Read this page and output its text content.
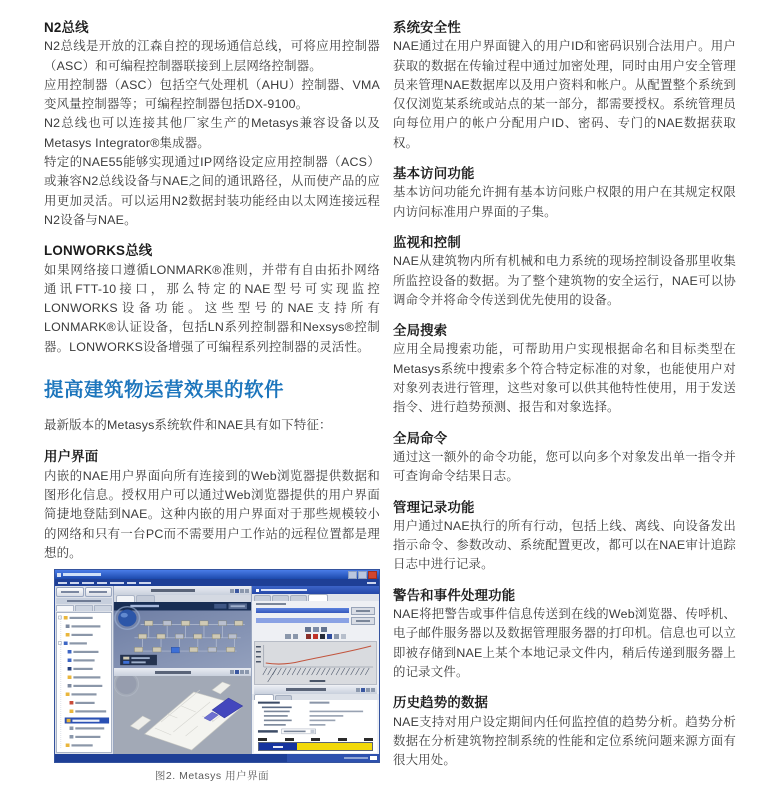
N2总线

N2总线是开放的江森自控的现场通信总线，可将应用控制器（ASC）和可编程控制器联接到上层网络控制器。

应用控制器（ASC）包括空气处理机（AHU）控制器、VMA变风量控制器等；可编程控制器包括DX-9100。

N2总线也可以连接其他厂家生产的Metasys兼容设备以及Metasys Integrator®集成器。

特定的NAE55能够实现通过IP网络设定应用控制器（ACS）或兼容N2总线设备与NAE之间的通讯路径，从而使产品的应用更加灵活。可以运用N2数据封装功能经由以太网连接远程N2设备与NAE。

LONWORKS总线

如果网络接口遵循LONMARK®准则，并带有自由拓扑网络通讯FTT-10接口，那么特定的NAE型号可实现监控LONWORKS设备功能。这些型号的NAE支持所有LONMARK®认证设备，包括LN系列控制器和Nexsys®控制器。LONWORKS设备增强了可编程系列控制器的灵活性。

提高建筑物运营效果的软件

最新版本的Metasys系统软件和NAE具有如下特征：

用户界面

内嵌的NAE用户界面向所有连接到的Web浏览器提供数据和图形化信息。授权用户可以通过Web浏览器提供的用户界面简捷地登陆到NAE。这种内嵌的用户界面对于那些规模较小的网络和只有一台PC而不需要用户工作站的远程位置都是理想的。

图2. Metasys 用户界面
系统安全性

NAE通过在用户界面键入的用户ID和密码识别合法用户。用户获取的数据在传输过程中通过加密处理，同时由用户安全管理员来管理NAE数据库以及用户资料和帐户。从配置整个系统到仅仅浏览某系统或站点的某一部分，都需要授权。系统管理员向每位用户的帐户分配用户ID、密码、专门的NAE数据获取权。

基本访问功能

基本访问功能允许拥有基本访问账户权限的用户在其规定权限内访问标准用户界面的子集。

监视和控制

NAE从建筑物内所有机械和电力系统的现场控制设备那里收集所监控设备的数据。为了整个建筑物的安全运行，NAE可以协调命令并将命令传送到优先使用的设备。

全局搜索

应用全局搜索功能，可帮助用户实现根据命名和目标类型在Metasys系统中搜索多个符合特定标准的对象，也能使用户对对象列表进行管理，这些对象可以供其他特性使用，用于发送指令、进行趋势预测、报告和对象选择。

全局命令

通过这一额外的命令功能，您可以向多个对象发出单一指令并可查询命令结果日志。

管理记录功能

用户通过NAE执行的所有行动，包括上线、离线、向设备发出指示命令、参数改动、系统配置更改，都可以在NAE审计追踪日志中进行记录。

警告和事件处理功能

NAE将把警告或事件信息传送到在线的Web浏览器、传呼机、电子邮件服务器以及数据管理服务器的打印机。信息也可以立即被存储到NAE上某个本地记录文件内，稍后传递到服务器上的记录文件。

历史趋势的数据

NAE支持对用户设定期间内任何监控值的趋势分析。趋势分析数据在分析建筑物控制系统的性能和定位系统问题来源方面有很大用处。
